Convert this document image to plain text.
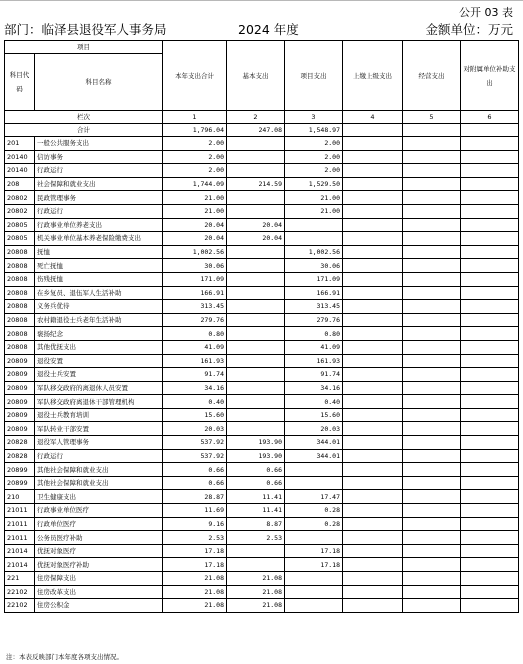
公开 03 表
部门：临泽县退役军人事务局	2024 年度	金额单位：万元
项目		本年支出合计	基本支出	项目支出	上缴上级支出	经营支出	对附属单位补助支出
科目代码	科目名称						
栏次		1	2	3	4	5	6
合计		1,796.04	247.08	1,548.97			
201	一般公共服务支出	2.00		2.00			
20140	信访事务	2.00		2.00			
20140	行政运行	2.00		2.00			
208	社会保障和就业支出	1,744.09	214.59	1,529.50			
20802	民政管理事务	21.00		21.00			
20802	行政运行	21.00		21.00			
20805	行政事业单位养老支出	20.04	20.04				
20805	机关事业单位基本养老保险缴费支出	20.04	20.04				
20808	抚恤	1,002.56		1,002.56			
20808	死亡抚恤	30.06		30.06			
20808	伤残抚恤	171.09		171.09			
20808	在乡复员、退伍军人生活补助	166.91		166.91			
20808	义务兵优待	313.45		313.45			
20808	农村籍退役士兵老年生活补助	279.76		279.76			
20808	褒扬纪念	0.80		0.80			
20808	其他优抚支出	41.09		41.09			
20809	退役安置	161.93		161.93			
20809	退役士兵安置	91.74		91.74			
20809	军队移交政府的离退休人员安置	34.16		34.16			
20809	军队移交政府离退休干部管理机构	0.40		0.40			
20809	退役士兵教育培训	15.60		15.60			
20809	军队转业干部安置	20.03		20.03			
20828	退役军人管理事务	537.92	193.90	344.01			
20828	行政运行	537.92	193.90	344.01			
20899	其他社会保障和就业支出	0.66	0.66				
20899	其他社会保障和就业支出	0.66	0.66				
210	卫生健康支出	28.87	11.41	17.47			
21011	行政事业单位医疗	11.69	11.41	0.28			
21011	行政单位医疗	9.16	8.87	0.28			
21011	公务员医疗补助	2.53	2.53				
21014	优抚对象医疗	17.18		17.18			
21014	优抚对象医疗补助	17.18		17.18			
221	住房保障支出	21.08	21.08				
22102	住房改革支出	21.08	21.08				
22102	住房公积金	21.08	21.08				
注：本表反映部门本年度各项支出情况。
